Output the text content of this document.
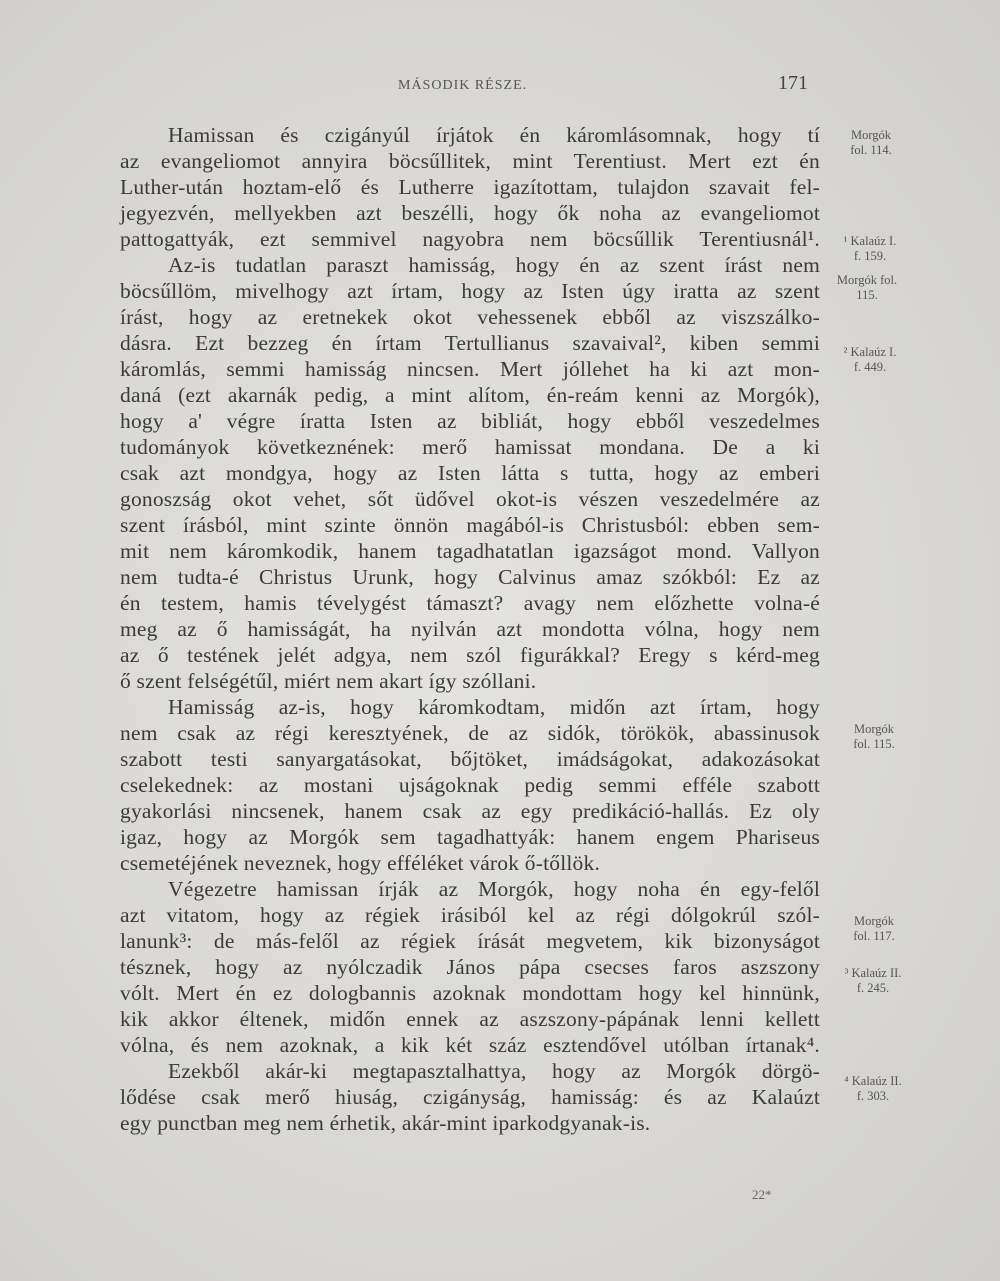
MÁSODIK RÉSZE.	171
Hamissan és czigányúl írjátok én káromlásomnak, hogy tí
az evangeliomot annyira böcsűllitek, mint Terentiust. Mert ezt én
Luther-után hoztam-elő és Lutherre igazítottam, tulajdon szavait fel-
jegyezvén, mellyekben azt beszélli, hogy ők noha az evangeliomot
pattogattyák, ezt semmivel nagyobra nem böcsűllik Terentiusnál¹.
Az-is tudatlan paraszt hamisság, hogy én az szent írást nem
böcsűllöm, mivelhogy azt írtam, hogy az Isten úgy iratta az szent
írást, hogy az eretnekek okot vehessenek ebből az viszszálko-
dásra. Ezt bezzeg én írtam Tertullianus szavaival², kiben semmi
káromlás, semmi hamisság nincsen. Mert jóllehet ha ki azt mon-
daná (ezt akarnák pedig, a mint alítom, én-reám kenni az Morgók),
hogy a' végre íratta Isten az bibliát, hogy ebből veszedelmes
tudományok következnének: merő hamissat mondana. De a ki
csak azt mondgya, hogy az Isten látta s tutta, hogy az emberi
gonoszság okot vehet, sőt üdővel okot-is vészen veszedelmére az
szent írásból, mint szinte önnön magából-is Christusból: ebben sem-
mit nem káromkodik, hanem tagadhatatlan igazságot mond. Vallyon
nem tudta-é Christus Urunk, hogy Calvinus amaz szókból: Ez az
én testem, hamis tévelygést támaszt? avagy nem előzhette volna-é
meg az ő hamisságát, ha nyilván azt mondotta vólna, hogy nem
az ő testének jelét adgya, nem szól figurákkal? Eregy s kérd-meg
ő szent felségétűl, miért nem akart így szóllani.
Hamisság az-is, hogy káromkodtam, midőn azt írtam, hogy
nem csak az régi keresztyének, de az sidók, törökök, abassinusok
szabott testi sanyargatásokat, bőjtöket, imádságokat, adakozásokat
cselekednek: az mostani ujságoknak pedig semmi efféle szabott
gyakorlási nincsenek, hanem csak az egy predikáció-hallás. Ez oly
igaz, hogy az Morgók sem tagadhattyák: hanem engem Phariseus
csemetéjének neveznek, hogy efféléket várok ő-tőllök.
Végezetre hamissan írják az Morgók, hogy noha én egy-felől
azt vitatom, hogy az régiek irásiból kel az régi dólgokrúl szól-
lanunk³: de más-felől az régiek írását megvetem, kik bizonyságot
tésznek, hogy az nyólczadik János pápa csecses faros aszszony
vólt. Mert én ez dologbannis azoknak mondottam hogy kel hinnünk,
kik akkor éltenek, midőn ennek az aszszony-pápának lenni kellett
vólna, és nem azoknak, a kik két száz esztendővel utólban írtanak⁴.
Ezekből akár-ki megtapasztalhattya, hogy az Morgók dörgö-
lődése csak merő hiuság, czigányság, hamisság: és az Kalaúzt
egy punctban meg nem érhetik, akár-mint iparkodgyanak-is.
Morgók
fol. 114.
¹ Kalaúz I.
f. 159.
Morgók fol.
115.
² Kalaúz I.
f. 449.
Morgók
fol. 115.
Morgók
fol. 117.
³ Kalaúz II.
f. 245.
⁴ Kalaúz II.
f. 303.
22*
